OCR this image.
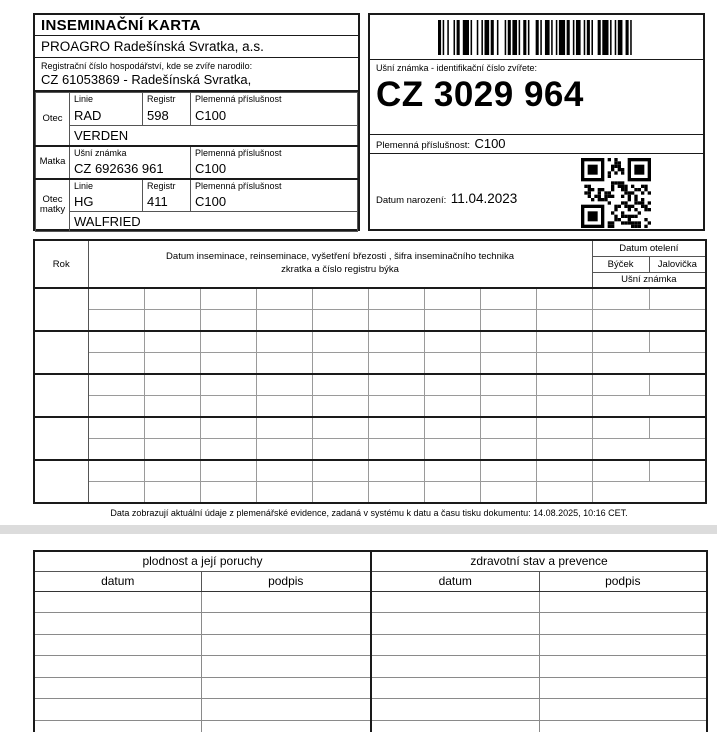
INSEMINAČNÍ KARTA
PROAGRO Radešínská Svratka, a.s.
Registrační číslo hospodářství, kde se zvíře narodilo:
CZ 61053869 - Radešínská Svratka,
Otec	Linie	Registr	Plemenná příslušnost
	RAD	598	C100
	VERDEN		
Matka	Ušní známka		Plemenná příslušnost
	CZ 692636 961		C100
Otec matky	Linie	Registr	Plemenná příslušnost
	HG	411	C100
	WALFRIED		
Ušní známka - identifikační číslo zvířete:
CZ 3029 964
Plemenná příslušnost: C100
Datum narození: 11.04.2023
Rok	Datum inseminace, reinseminace, vyšetření březosti , šifra inseminačního technika
zkratka a číslo registru býka									Datum otelení	
										Býček	Jalovička
										Ušní známka	

Data zobrazují aktuální údaje z plemenářské evidence, zadaná v systému k datu a času tisku dokumentu: 14.08.2025, 10:16 CET.
plodnost a její poruchy		zdravotní stav a prevence	
datum	podpis	datum	podpis
